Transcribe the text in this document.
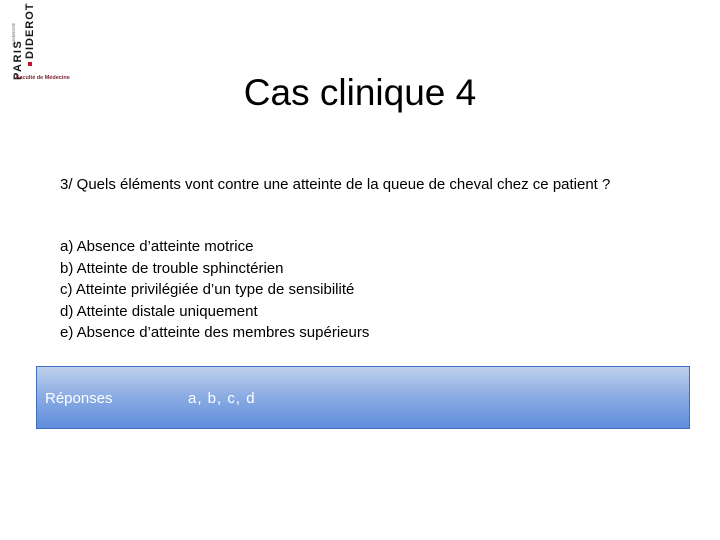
UNIVERSITÉ
PARIS
DIDEROT
Faculté de Médecine	Cas clinique 4
3/ Quels éléments vont contre une atteinte de la queue de cheval chez ce patient ?
a) Absence d’atteinte motrice
b) Atteinte de trouble sphinctérien
c) Atteinte privilégiée d’un type de sensibilité
d) Atteinte distale uniquement
e) Absence d’atteinte des membres supérieurs
Réponses	a, b, c, d
